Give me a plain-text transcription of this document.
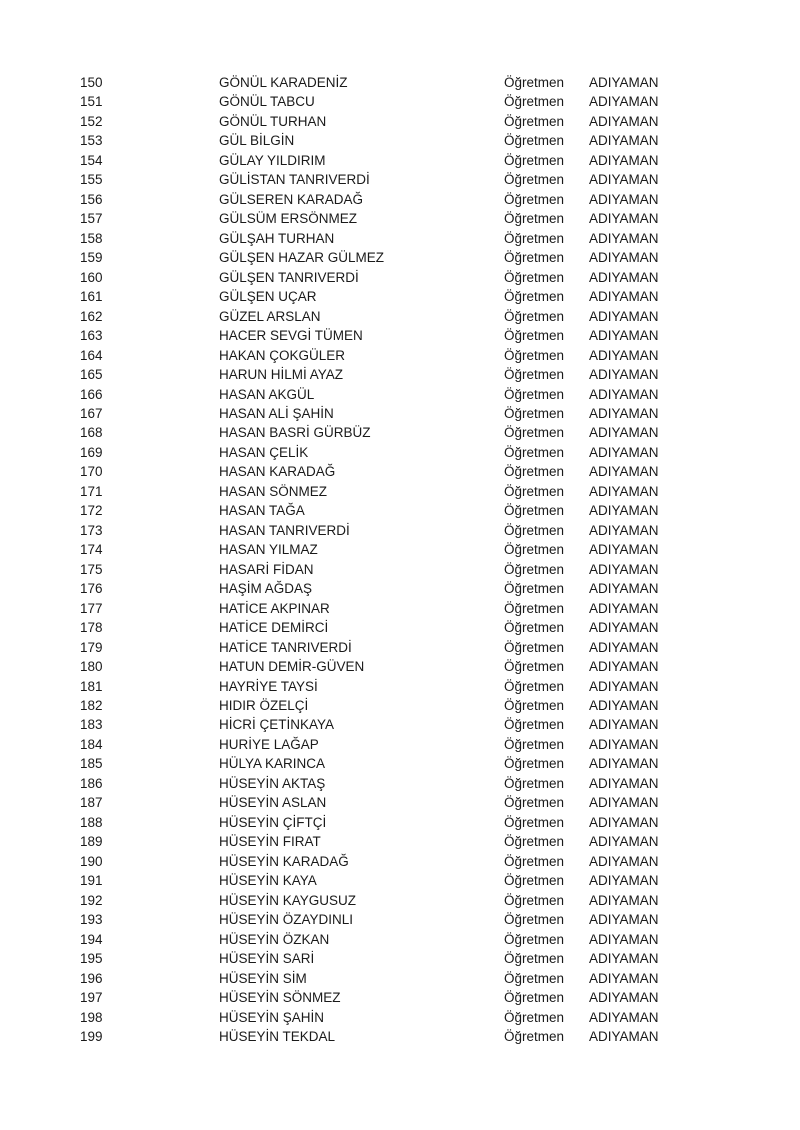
150	GÖNÜL KARADENİZ	Öğretmen ADIYAMAN
151	GÖNÜL TABCU	Öğretmen ADIYAMAN
152	GÖNÜL TURHAN	Öğretmen ADIYAMAN
153	GÜL BİLGİN	Öğretmen ADIYAMAN
154	GÜLAY YILDIRIM	Öğretmen ADIYAMAN
155	GÜLİSTAN TANRIVERDİ	Öğretmen ADIYAMAN
156	GÜLSEREN KARADAĞ	Öğretmen ADIYAMAN
157	GÜLSÜM ERSÖNMEZ	Öğretmen ADIYAMAN
158	GÜLŞAH TURHAN	Öğretmen ADIYAMAN
159	GÜLŞEN HAZAR GÜLMEZ	Öğretmen ADIYAMAN
160	GÜLŞEN TANRIVERDİ	Öğretmen ADIYAMAN
161	GÜLŞEN UÇAR	Öğretmen ADIYAMAN
162	GÜZEL ARSLAN	Öğretmen ADIYAMAN
163	HACER SEVGİ TÜMEN	Öğretmen ADIYAMAN
164	HAKAN ÇOKGÜLER	Öğretmen ADIYAMAN
165	HARUN HİLMİ AYAZ	Öğretmen ADIYAMAN
166	HASAN AKGÜL	Öğretmen ADIYAMAN
167	HASAN ALİ ŞAHİN	Öğretmen ADIYAMAN
168	HASAN BASRİ GÜRBÜZ	Öğretmen ADIYAMAN
169	HASAN ÇELİK	Öğretmen ADIYAMAN
170	HASAN KARADAĞ	Öğretmen ADIYAMAN
171	HASAN SÖNMEZ	Öğretmen ADIYAMAN
172	HASAN TAĞA	Öğretmen ADIYAMAN
173	HASAN TANRIVERDİ	Öğretmen ADIYAMAN
174	HASAN YILMAZ	Öğretmen ADIYAMAN
175	HASARİ FİDAN	Öğretmen ADIYAMAN
176	HAŞİM AĞDAŞ	Öğretmen ADIYAMAN
177	HATİCE AKPINAR	Öğretmen ADIYAMAN
178	HATİCE DEMİRCİ	Öğretmen ADIYAMAN
179	HATİCE TANRIVERDİ	Öğretmen ADIYAMAN
180	HATUN DEMİR-GÜVEN	Öğretmen ADIYAMAN
181	HAYRİYE TAYSİ	Öğretmen ADIYAMAN
182	HIDIR ÖZELÇİ	Öğretmen ADIYAMAN
183	HİCRİ ÇETİNKAYA	Öğretmen ADIYAMAN
184	HURİYE LAĞAP	Öğretmen ADIYAMAN
185	HÜLYA KARINCA	Öğretmen ADIYAMAN
186	HÜSEYİN AKTAŞ	Öğretmen ADIYAMAN
187	HÜSEYİN ASLAN	Öğretmen ADIYAMAN
188	HÜSEYİN ÇİFTÇİ	Öğretmen ADIYAMAN
189	HÜSEYİN FIRAT	Öğretmen ADIYAMAN
190	HÜSEYİN KARADAĞ	Öğretmen ADIYAMAN
191	HÜSEYİN KAYA	Öğretmen ADIYAMAN
192	HÜSEYİN KAYGUSUZ	Öğretmen ADIYAMAN
193	HÜSEYİN ÖZAYDINLI	Öğretmen ADIYAMAN
194	HÜSEYİN ÖZKAN	Öğretmen ADIYAMAN
195	HÜSEYİN SARİ	Öğretmen ADIYAMAN
196	HÜSEYİN SİM	Öğretmen ADIYAMAN
197	HÜSEYİN SÖNMEZ	Öğretmen ADIYAMAN
198	HÜSEYİN ŞAHİN	Öğretmen ADIYAMAN
199	HÜSEYİN TEKDAL	Öğretmen ADIYAMAN
